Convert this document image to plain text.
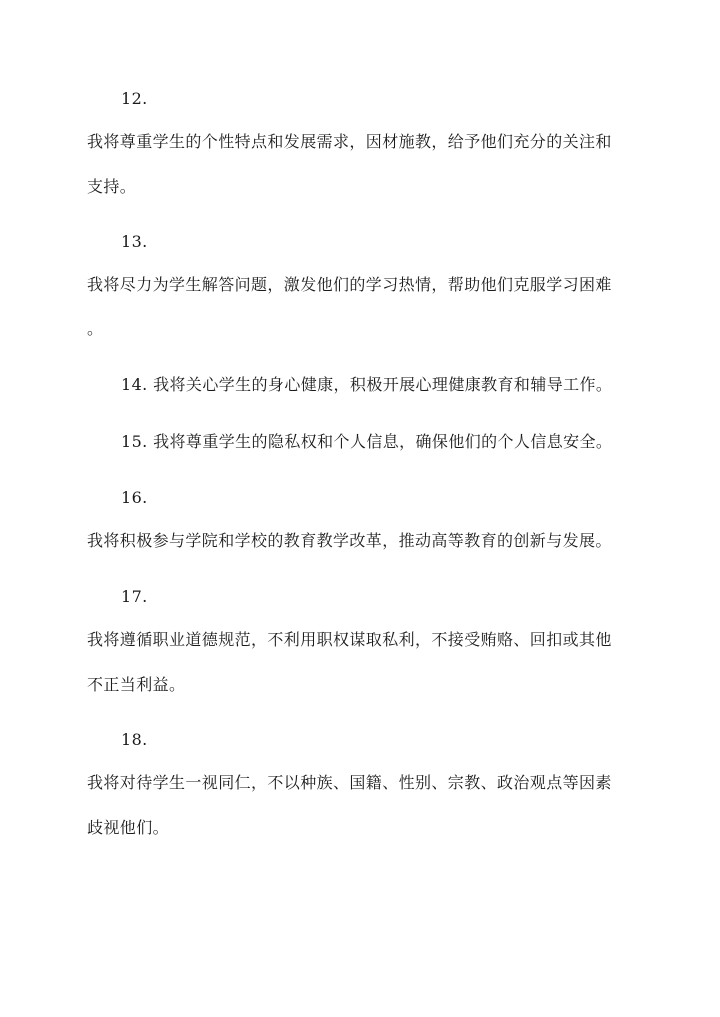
12.
我将尊重学生的个性特点和发展需求，因材施教，给予他们充分的关注和
支持。
13.
我将尽力为学生解答问题，激发他们的学习热情，帮助他们克服学习困难
。
14. 我将关心学生的身心健康，积极开展心理健康教育和辅导工作。
15. 我将尊重学生的隐私权和个人信息，确保他们的个人信息安全。
16.
我将积极参与学院和学校的教育教学改革，推动高等教育的创新与发展。
17.
我将遵循职业道德规范，不利用职权谋取私利，不接受贿赂、回扣或其他
不正当利益。
18.
我将对待学生一视同仁，不以种族、国籍、性别、宗教、政治观点等因素
歧视他们。
